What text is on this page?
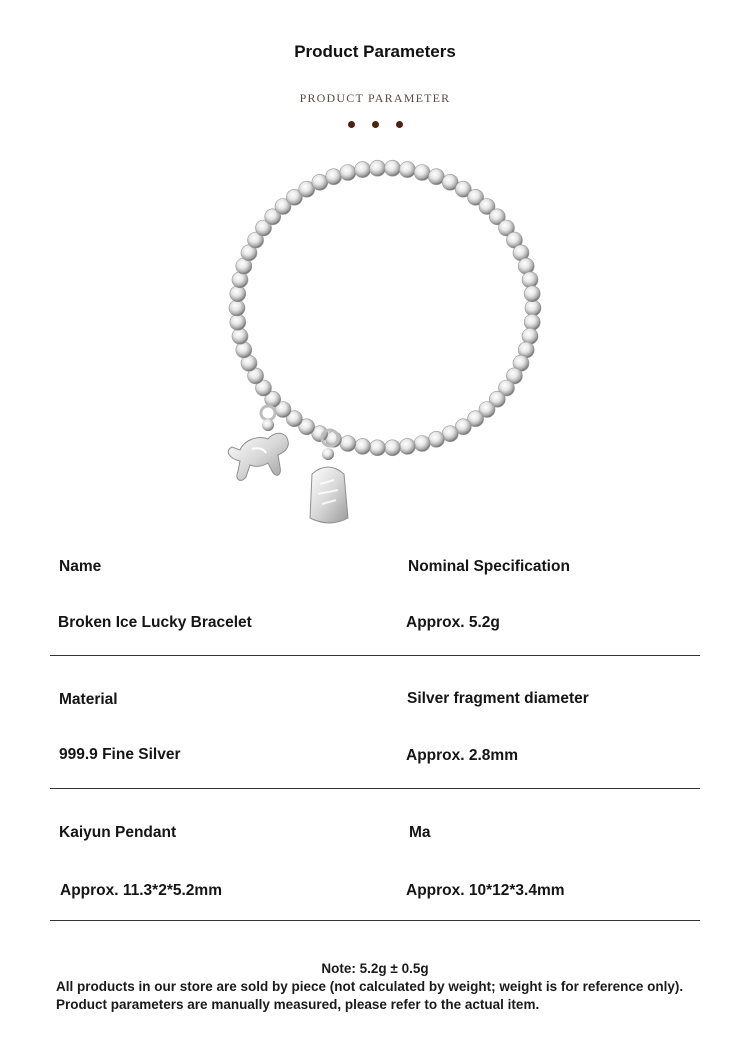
Product Parameters
PRODUCT PARAMETER
Name	Nominal Specification
Broken Ice Lucky Bracelet	Approx. 5.2g
Material	Silver fragment diameter
999.9 Fine Silver	Approx. 2.8mm
Kaiyun Pendant	Ma
Approx. 11.3*2*5.2mm	Approx. 10*12*3.4mm
Note: 5.2g ± 0.5g
All products in our store are sold by piece (not calculated by weight; weight is for reference only).
Product parameters are manually measured, please refer to the actual item.
